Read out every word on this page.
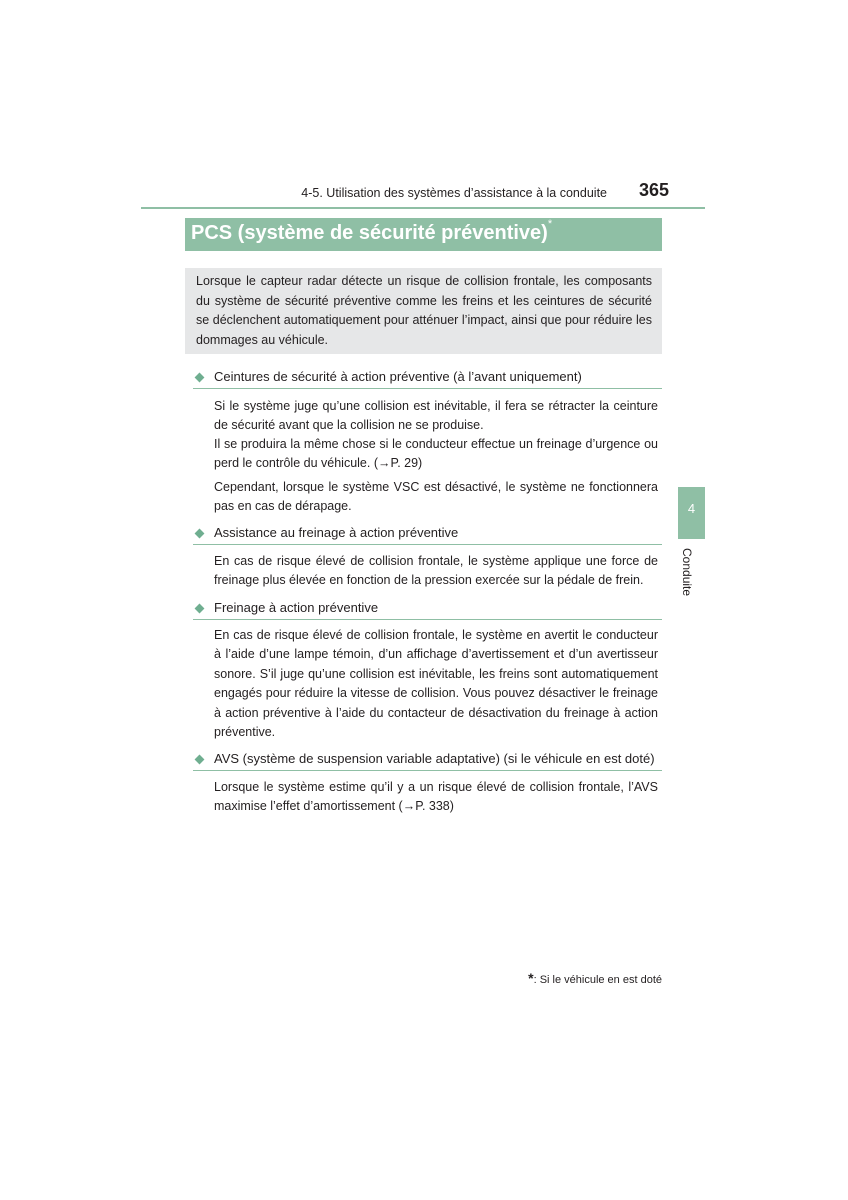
4-5. Utilisation des systèmes d’assistance à la conduite 365
PCS (système de sécurité préventive)*

Lorsque le capteur radar détecte un risque de collision frontale, les composants du système de sécurité préventive comme les freins et les ceintures de sécurité se déclenchent automatiquement pour atténuer l’impact, ainsi que pour réduire les dommages au véhicule.

Ceintures de sécurité à action préventive (à l’avant uniquement)

Si le système juge qu’une collision est inévitable, il fera se rétracter la ceinture de sécurité avant que la collision ne se produise.

Il se produira la même chose si le conducteur effectue un freinage d’urgence ou perd le contrôle du véhicule. (→P. 29)

Cependant, lorsque le système VSC est désactivé, le système ne fonctionnera pas en cas de dérapage.

Assistance au freinage à action préventive

En cas de risque élevé de collision frontale, le système applique une force de freinage plus élevée en fonction de la pression exercée sur la pédale de frein.

Freinage à action préventive

En cas de risque élevé de collision frontale, le système en avertit le conducteur à l’aide d’une lampe témoin, d’un affichage d’avertissement et d’un avertisseur sonore. S’il juge qu’une collision est inévitable, les freins sont automatiquement engagés pour réduire la vitesse de collision. Vous pouvez désactiver le freinage à action préventive à l’aide du contacteur de désactivation du freinage à action préventive.

AVS (système de suspension variable adaptative) (si le véhicule en est doté)

Lorsque le système estime qu’il y a un risque élevé de collision frontale, l’AVS maximise l’effet d’amortissement (→P. 338)

*: Si le véhicule en est doté
4
Conduite
